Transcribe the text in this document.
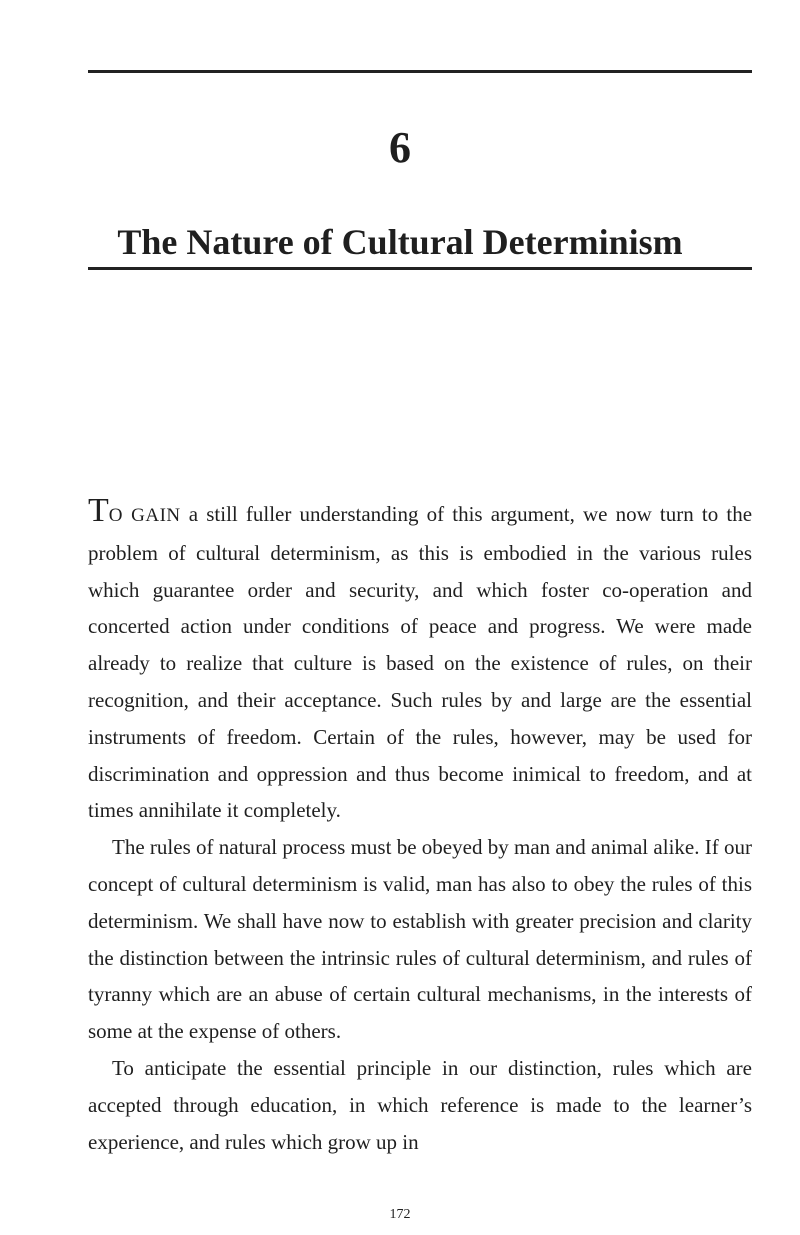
6
The Nature of Cultural Determinism

TO GAIN a still fuller understanding of this argument, we now turn to the problem of cultural determinism, as this is embodied in the various rules which guarantee order and security, and which foster co-operation and concerted action under conditions of peace and progress. We were made already to realize that culture is based on the existence of rules, on their recognition, and their acceptance. Such rules by and large are the essential instruments of freedom. Certain of the rules, however, may be used for discrimination and oppression and thus become inimical to freedom, and at times annihilate it completely.

The rules of natural process must be obeyed by man and animal alike. If our concept of cultural determinism is valid, man has also to obey the rules of this determinism. We shall have now to establish with greater precision and clarity the distinction between the intrinsic rules of cultural determinism, and rules of tyranny which are an abuse of certain cultural mechanisms, in the interests of some at the expense of others.

To anticipate the essential principle in our distinction, rules which are accepted through education, in which reference is made to the learner’s experience, and rules which grow up in

172
